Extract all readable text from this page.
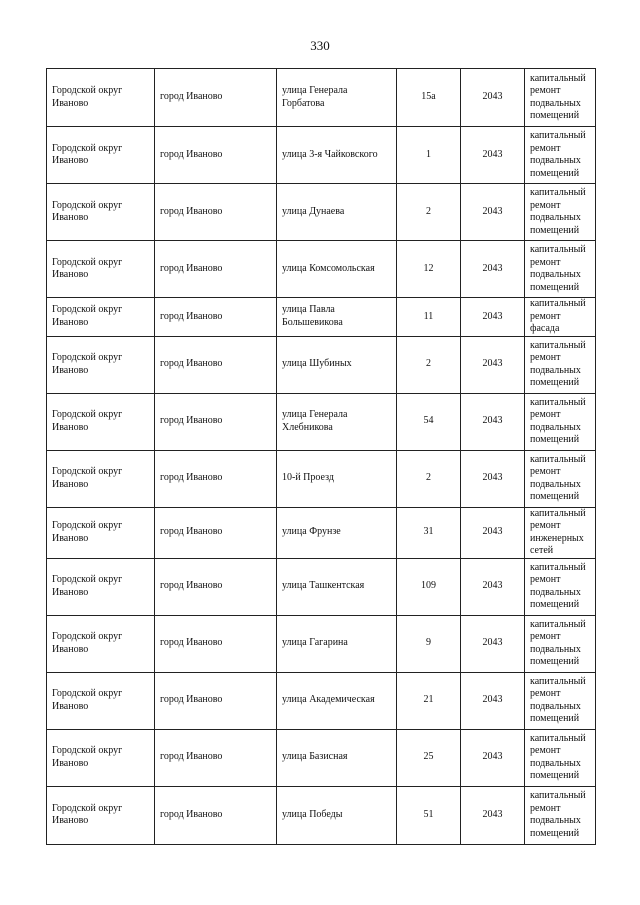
330
Городской округ Иваново	город Иваново	улица Генерала Горбатова	15а	2043	капитальный ремонт подвальных помещений
Городской округ Иваново	город Иваново	улица 3-я Чайковского	1	2043	капитальный ремонт подвальных помещений
Городской округ Иваново	город Иваново	улица Дунаева	2	2043	капитальный ремонт подвальных помещений
Городской округ Иваново	город Иваново	улица Комсомольская	12	2043	капитальный ремонт подвальных помещений
Городской округ Иваново	город Иваново	улица Павла Большевикова	11	2043	капитальный ремонт фасада
Городской округ Иваново	город Иваново	улица Шубиных	2	2043	капитальный ремонт подвальных помещений
Городской округ Иваново	город Иваново	улица Генерала Хлебникова	54	2043	капитальный ремонт подвальных помещений
Городской округ Иваново	город Иваново	10-й Проезд	2	2043	капитальный ремонт подвальных помещений
Городской округ Иваново	город Иваново	улица Фрунзе	31	2043	капитальный ремонт инженерных сетей
Городской округ Иваново	город Иваново	улица Ташкентская	109	2043	капитальный ремонт подвальных помещений
Городской округ Иваново	город Иваново	улица Гагарина	9	2043	капитальный ремонт подвальных помещений
Городской округ Иваново	город Иваново	улица Академическая	21	2043	капитальный ремонт подвальных помещений
Городской округ Иваново	город Иваново	улица Базисная	25	2043	капитальный ремонт подвальных помещений
Городской округ Иваново	город Иваново	улица Победы	51	2043	капитальный ремонт подвальных помещений
